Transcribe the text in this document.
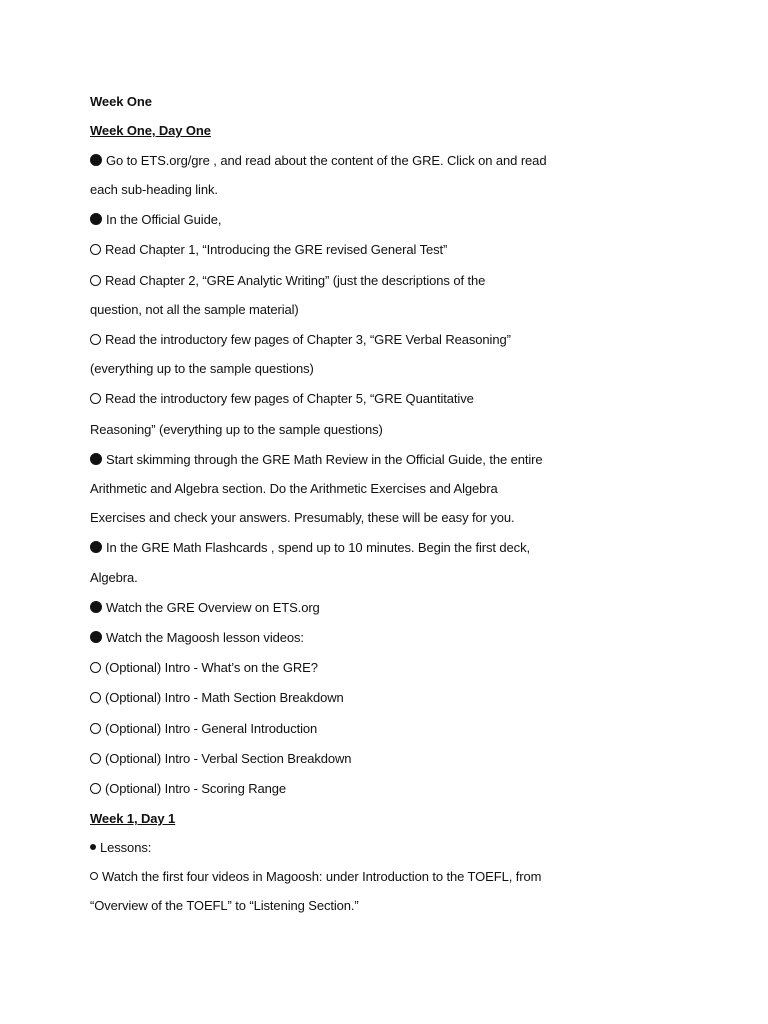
Week One
Week One, Day One
Go to ETS.org/gre , and read about the content of the GRE. Click on and read
each sub-heading link.
In the Official Guide,
Read Chapter 1, “Introducing the GRE revised General Test”
Read Chapter 2, “GRE Analytic Writing” (just the descriptions of the
question, not all the sample material)
Read the introductory few pages of Chapter 3, “GRE Verbal Reasoning”
(everything up to the sample questions)
Read the introductory few pages of Chapter 5, “GRE Quantitative
Reasoning” (everything up to the sample questions)
Start skimming through the GRE Math Review in the Official Guide, the entire
Arithmetic and Algebra section. Do the Arithmetic Exercises and Algebra
Exercises and check your answers. Presumably, these will be easy for you.
In the GRE Math Flashcards , spend up to 10 minutes. Begin the first deck,
Algebra.
Watch the GRE Overview on ETS.org
Watch the Magoosh lesson videos:
(Optional) Intro - What’s on the GRE?
(Optional) Intro - Math Section Breakdown
(Optional) Intro - General Introduction
(Optional) Intro - Verbal Section Breakdown
(Optional) Intro - Scoring Range
Week 1, Day 1
Lessons:
Watch the first four videos in Magoosh: under Introduction to the TOEFL, from
“Overview of the TOEFL” to “Listening Section.”
